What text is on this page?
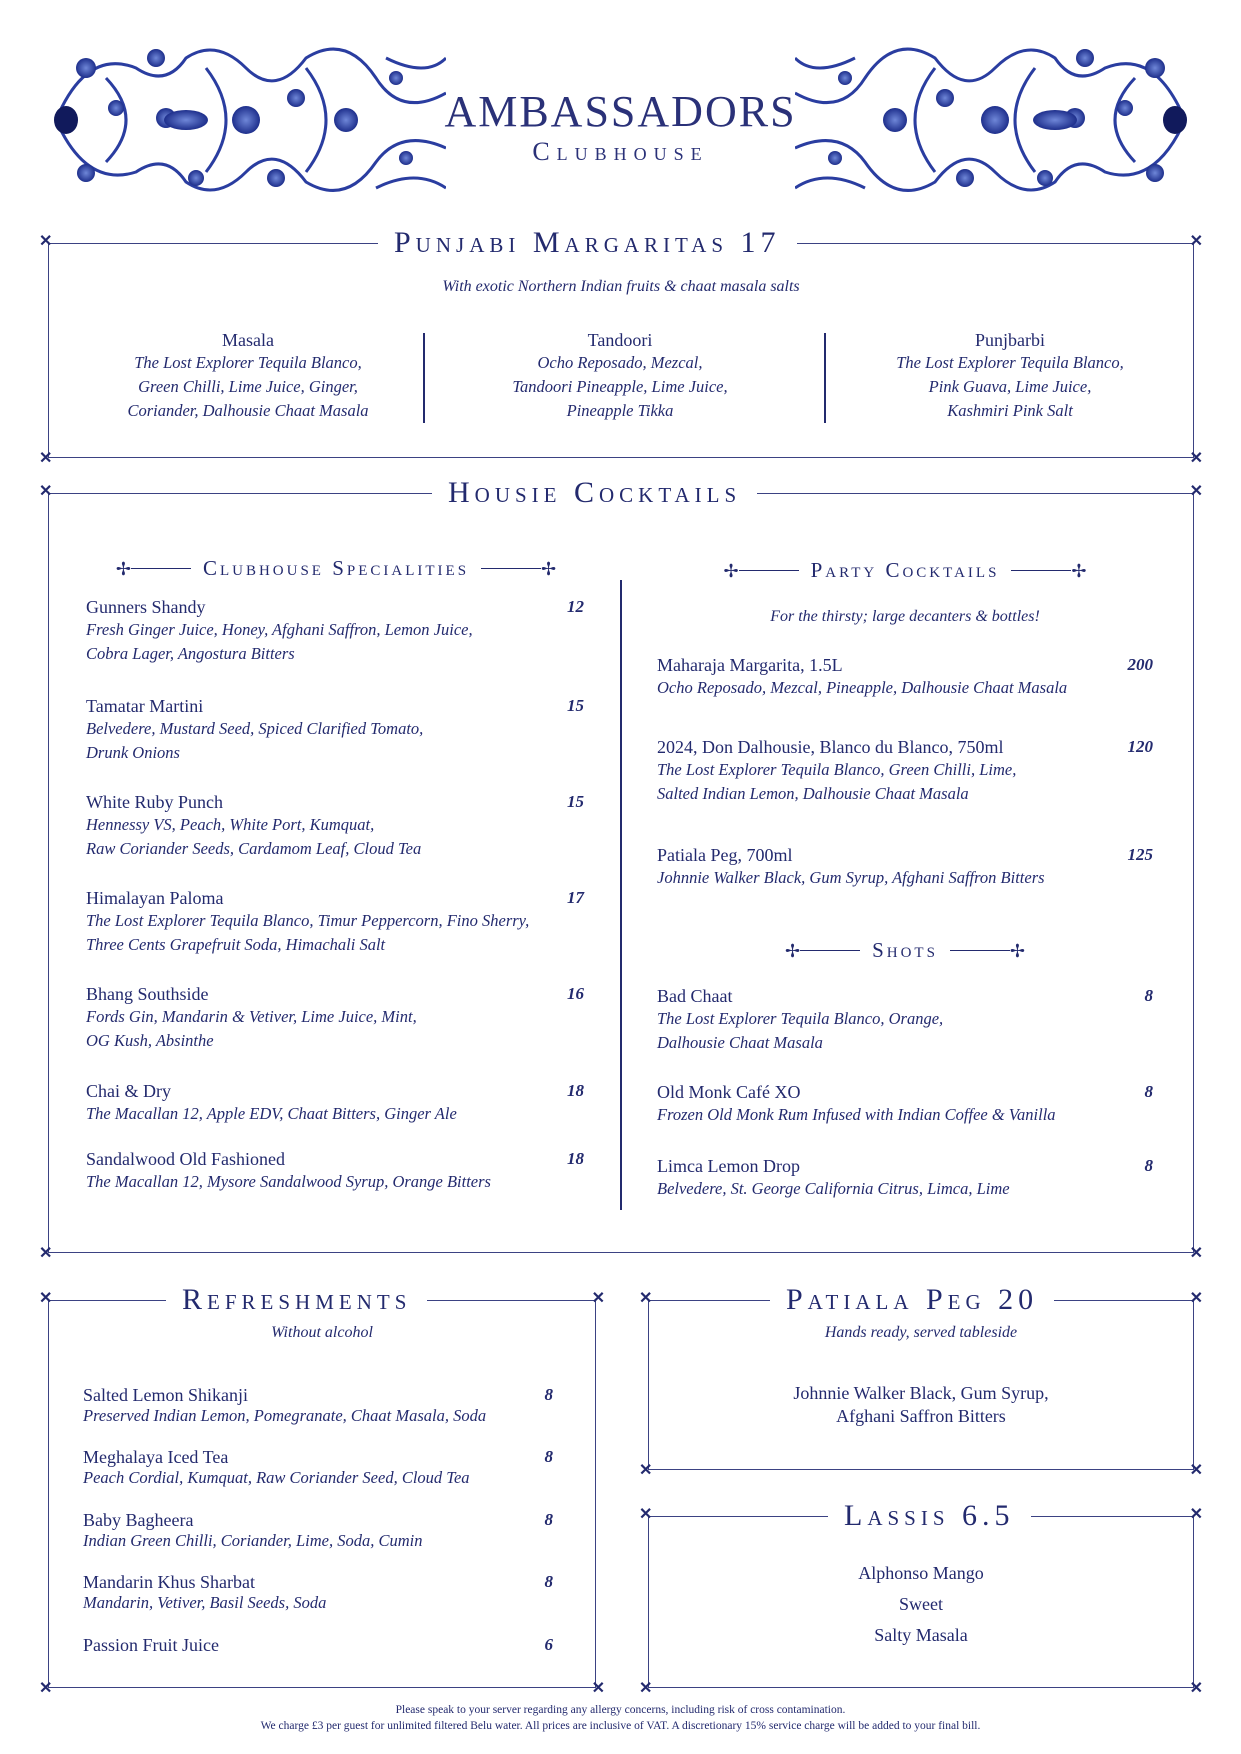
AMBASSADORS
Clubhouse
✕	✕
✕	✕
Punjabi Margaritas 17
With exotic Northern Indian fruits & chaat masala salts
Masala
The Lost Explorer Tequila Blanco,
Green Chilli, Lime Juice, Ginger,
Coriander, Dalhousie Chaat Masala
Tandoori
Ocho Reposado, Mezcal,
Tandoori Pineapple, Lime Juice,
Pineapple Tikka
Punjbarbi
The Lost Explorer Tequila Blanco,
Pink Guava, Lime Juice,
Kashmiri Pink Salt
✕	✕
✕	✕
Housie Cocktails
✢	Clubhouse Specialities	✢
Gunners Shandy	12
Fresh Ginger Juice, Honey, Afghani Saffron, Lemon Juice,
Cobra Lager, Angostura Bitters
Tamatar Martini	15
Belvedere, Mustard Seed, Spiced Clarified Tomato,
Drunk Onions
White Ruby Punch	15
Hennessy VS, Peach, White Port, Kumquat,
Raw Coriander Seeds, Cardamom Leaf, Cloud Tea
Himalayan Paloma	17
The Lost Explorer Tequila Blanco, Timur Peppercorn, Fino Sherry,
Three Cents Grapefruit Soda, Himachali Salt
Bhang Southside	16
Fords Gin, Mandarin & Vetiver, Lime Juice, Mint,
OG Kush, Absinthe
Chai & Dry	18
The Macallan 12, Apple EDV, Chaat Bitters, Ginger Ale
Sandalwood Old Fashioned	18
The Macallan 12, Mysore Sandalwood Syrup, Orange Bitters
✢	Party Cocktails	✢
For the thirsty; large decanters & bottles!
Maharaja Margarita, 1.5L	200
Ocho Reposado, Mezcal, Pineapple, Dalhousie Chaat Masala
2024, Don Dalhousie, Blanco du Blanco, 750ml	120
The Lost Explorer Tequila Blanco, Green Chilli, Lime,
Salted Indian Lemon, Dalhousie Chaat Masala
Patiala Peg, 700ml	125
Johnnie Walker Black, Gum Syrup, Afghani Saffron Bitters
✢	Shots	✢
Bad Chaat	8
The Lost Explorer Tequila Blanco, Orange,
Dalhousie Chaat Masala
Old Monk Café XO	8
Frozen Old Monk Rum Infused with Indian Coffee & Vanilla
Limca Lemon Drop	8
Belvedere, St. George California Citrus, Limca, Lime
✕	✕
✕	✕
Refreshments
Without alcohol
Salted Lemon Shikanji	8
Preserved Indian Lemon, Pomegranate, Chaat Masala, Soda
Meghalaya Iced Tea	8
Peach Cordial, Kumquat, Raw Coriander Seed, Cloud Tea
Baby Bagheera	8
Indian Green Chilli, Coriander, Lime, Soda, Cumin
Mandarin Khus Sharbat	8
Mandarin, Vetiver, Basil Seeds, Soda
Passion Fruit Juice	6
✕	✕
✕	✕
Patiala Peg 20
Hands ready, served tableside
Johnnie Walker Black, Gum Syrup,
Afghani Saffron Bitters
✕	✕
✕	✕
Lassis 6.5
Alphonso Mango
Sweet
Salty Masala
Please speak to your server regarding any allergy concerns, including risk of cross contamination.
We charge £3 per guest for unlimited filtered Belu water. All prices are inclusive of VAT. A discretionary 15% service charge will be added to your final bill.
